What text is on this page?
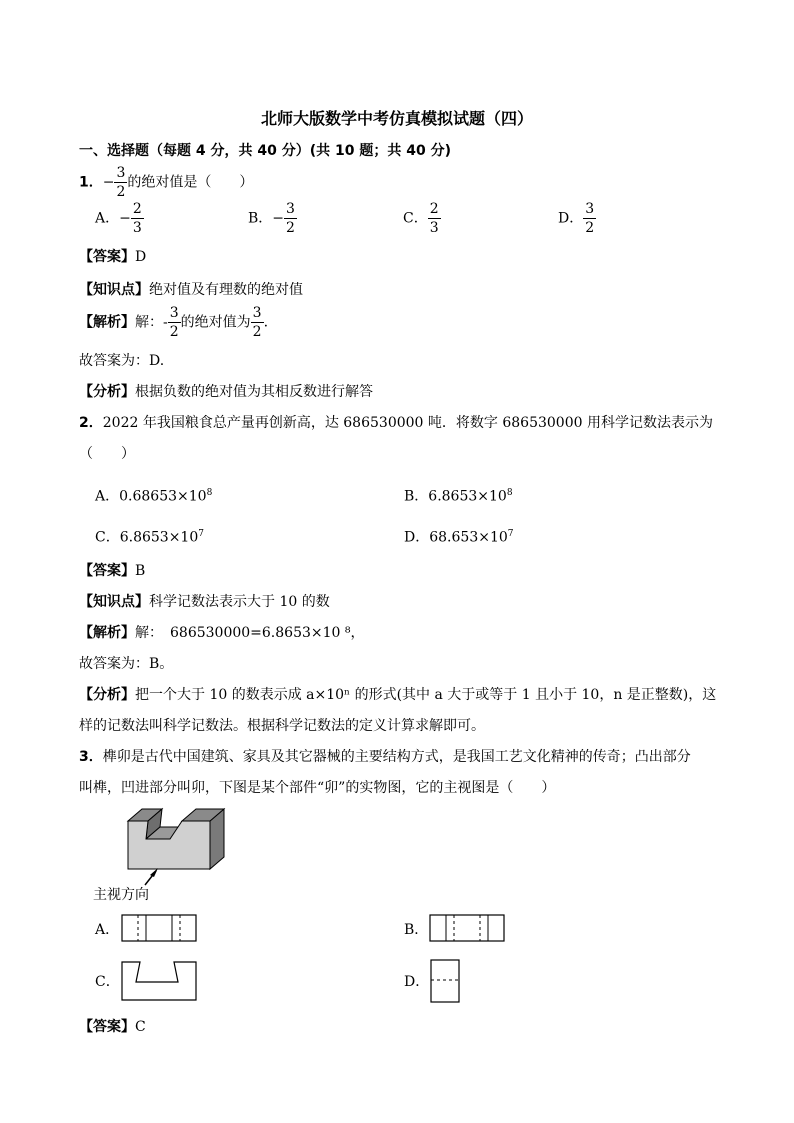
北师大版数学中考仿真模拟试题（四）
一、选择题（每题 4 分，共 40 分）(共 10 题；共 40 分)
1．− $\frac{3}{2}$ 的绝对值是（　　）
A．− $\frac{2}{3}$	B．− $\frac{3}{2}$	C． $\frac{2}{3}$	D． $\frac{3}{2}$
【答案】D
【知识点】绝对值及有理数的绝对值
【解析】解：- $\frac{3}{2}$ 的绝对值为 $\frac{3}{2}$ .
故答案为：D.
【分析】根据负数的绝对值为其相反数进行解答
2．2022 年我国粮食总产量再创新高，达 686530000 吨．将数字 686530000 用科学记数法表示为
（　　）
A．$0.68653\times 10^8$	B．$6.8653\times 10^8$
C．$6.8653\times 10^7$	D．$68.653\times 10^7$
【答案】B
【知识点】科学记数法表示大于 10 的数
【解析】解：　686530000=6.8653×10 ⁸，
故答案为：B。
【分析】把一个大于 10 的数表示成 a×10ⁿ 的形式(其中 a 大于或等于 1 且小于 10，n 是正整数)，这
样的记数法叫科学记数法。根据科学记数法的定义计算求解即可。
3．榫卯是古代中国建筑、家具及其它器械的主要结构方式，是我国工艺文化精神的传奇；凸出部分
叫榫，凹进部分叫卯，下图是某个部件“卯”的实物图，它的主视图是（　　）
主视方向
A．	B．
C．	D．
【答案】C
